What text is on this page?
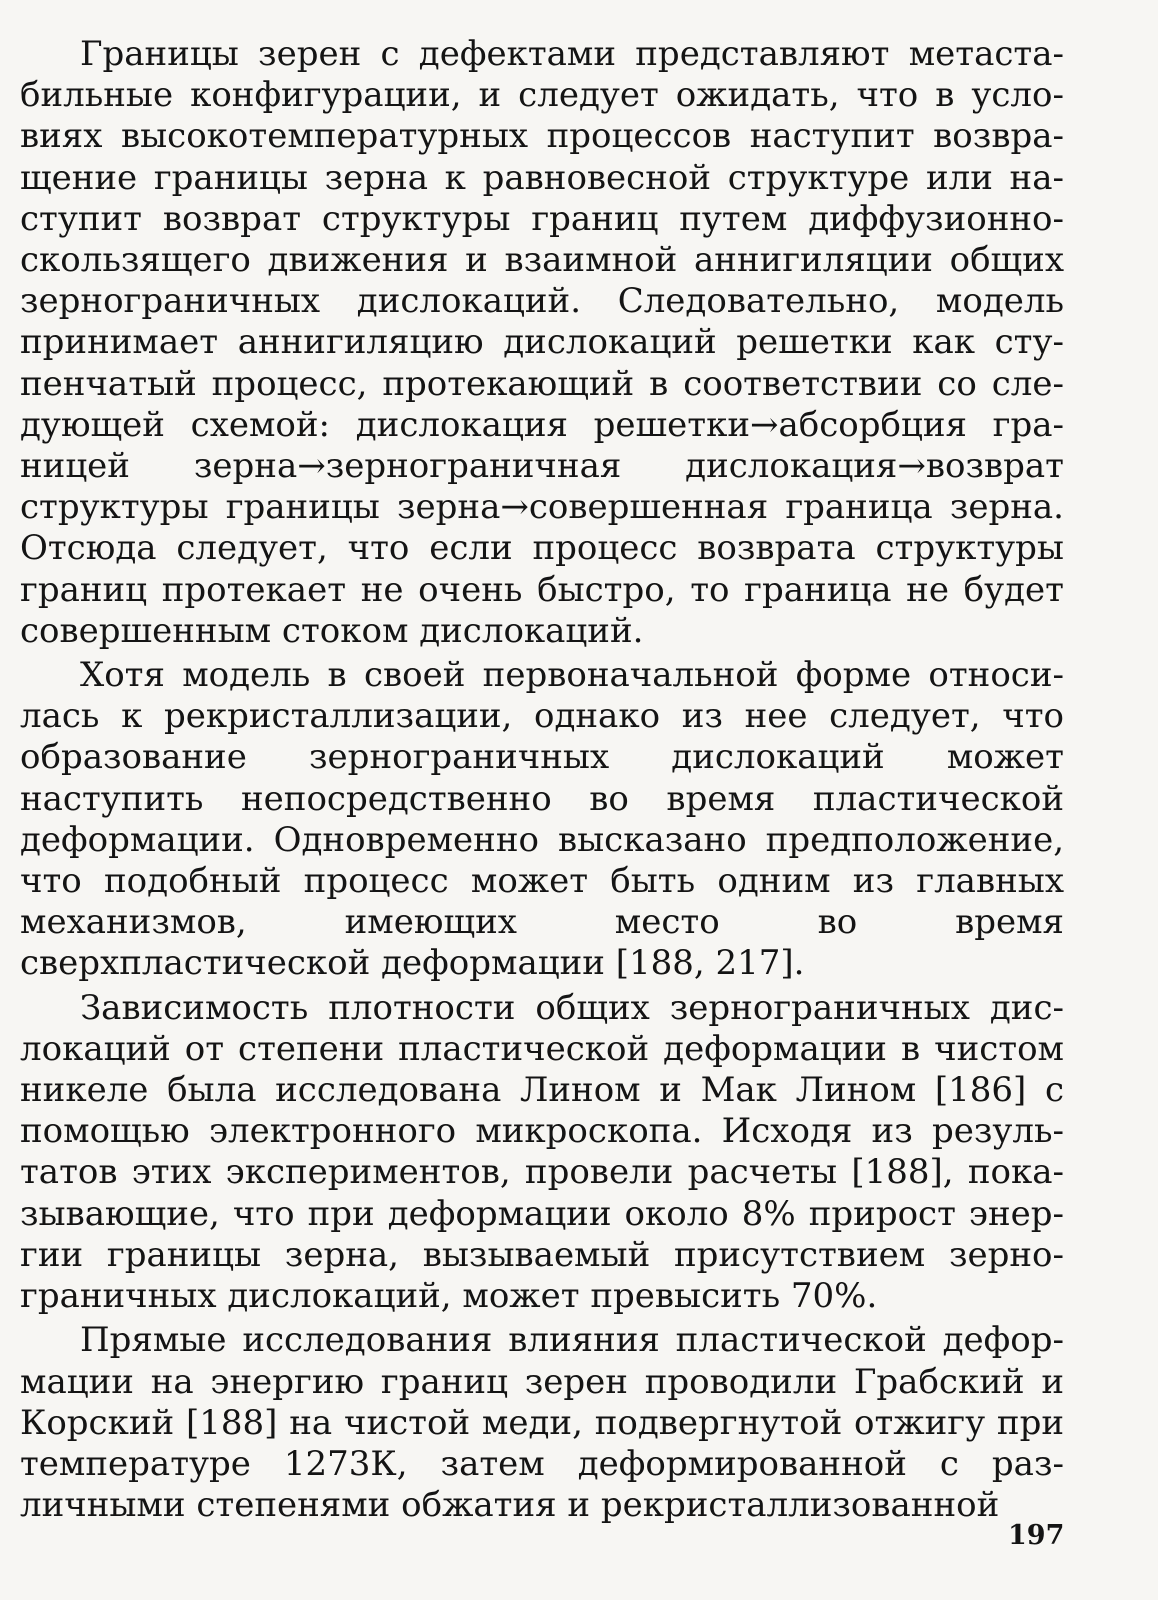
Границы зерен с дефектами представляют метастабильные конфигурации, и следует ожидать, что в условиях высокотемпературных процессов наступит возвращение границы зерна к равновесной структуре или наступит возврат структуры границ путем диффузионно-скользящего движения и взаимной аннигиляции общих зернограничных дислокаций. Следовательно, модель принимает аннигиляцию дислокаций решетки как ступенчатый процесс, протекающий в соответствии со следующей схемой: дислокация решетки→абсорбция границей зерна→зернограничная дислокация→возврат структуры границы зерна→совершенная граница зерна. Отсюда следует, что если процесс возврата структуры границ протекает не очень быстро, то граница не будет совершенным стоком дислокаций.

Хотя модель в своей первоначальной форме относилась к рекристаллизации, однако из нее следует, что образование зернограничных дислокаций может наступить непосредственно во время пластической деформации. Одновременно высказано предположение, что подобный процесс может быть одним из главных механизмов, имеющих место во время сверхпластической деформации [188, 217].

Зависимость плотности общих зернограничных дислокаций от степени пластической деформации в чистом никеле была исследована Лином и Мак Лином [186] с помощью электронного микроскопа. Исходя из результатов этих экспериментов, провели расчеты [188], показывающие, что при деформации около 8% прирост энергии границы зерна, вызываемый присутствием зернограничных дислокаций, может превысить 70%.

Прямые исследования влияния пластической деформации на энергию границ зерен проводили Грабский и Корский [188] на чистой меди, подвергнутой отжигу при температуре 1273К, затем деформированной с различными степенями обжатия и рекристаллизованной

197
